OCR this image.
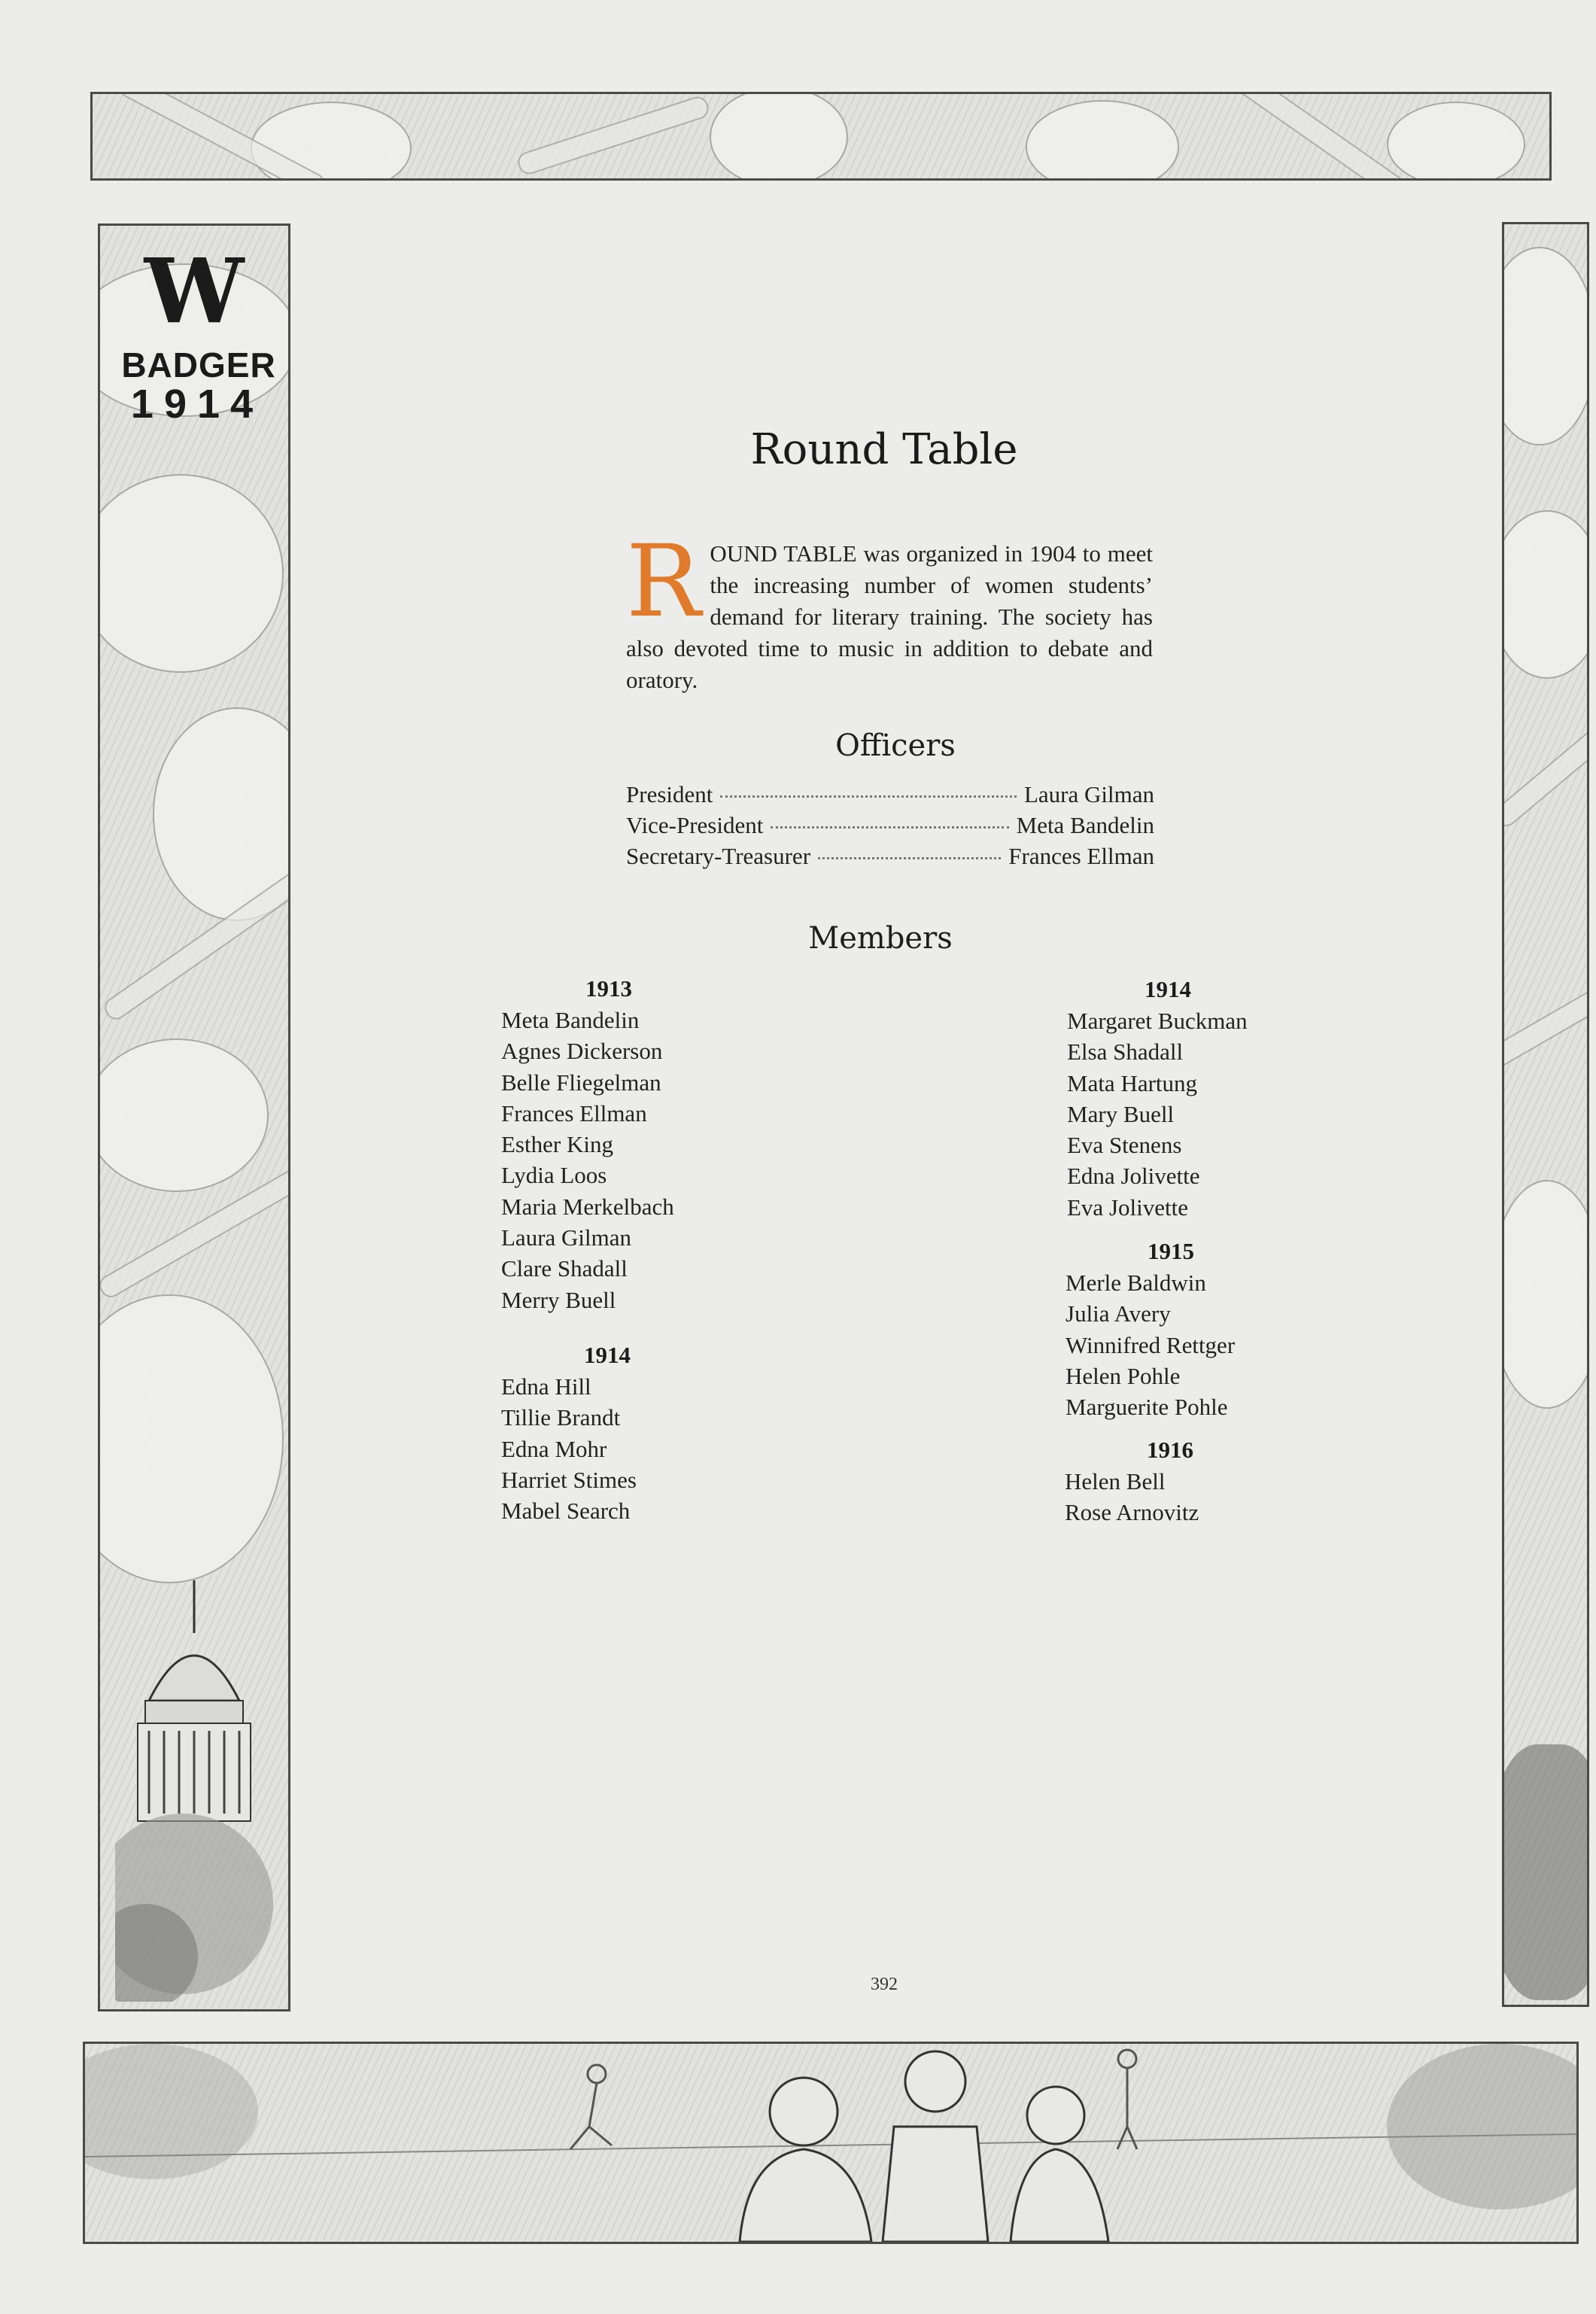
W
BADGER
1914
Round Table
ROUND TABLE was organized in 1904 to meet the increasing number of women students’ demand for literary training. The society has also devoted time to music in addition to debate and oratory.
Officers
President	Laura Gilman
Vice-President	Meta Bandelin
Secretary-Treasurer	Frances Ellman
Members
1913
Meta Bandelin
Agnes Dickerson
Belle Fliegelman
Frances Ellman
Esther King
Lydia Loos
Maria Merkelbach
Laura Gilman
Clare Shadall
Merry Buell
1914
Edna Hill
Tillie Brandt
Edna Mohr
Harriet Stimes
Mabel Search
1914
Margaret Buckman
Elsa Shadall
Mata Hartung
Mary Buell
Eva Stenens
Edna Jolivette
Eva Jolivette
1915
Merle Baldwin
Julia Avery
Winnifred Rettger
Helen Pohle
Marguerite Pohle
1916
Helen Bell
Rose Arnovitz
392
